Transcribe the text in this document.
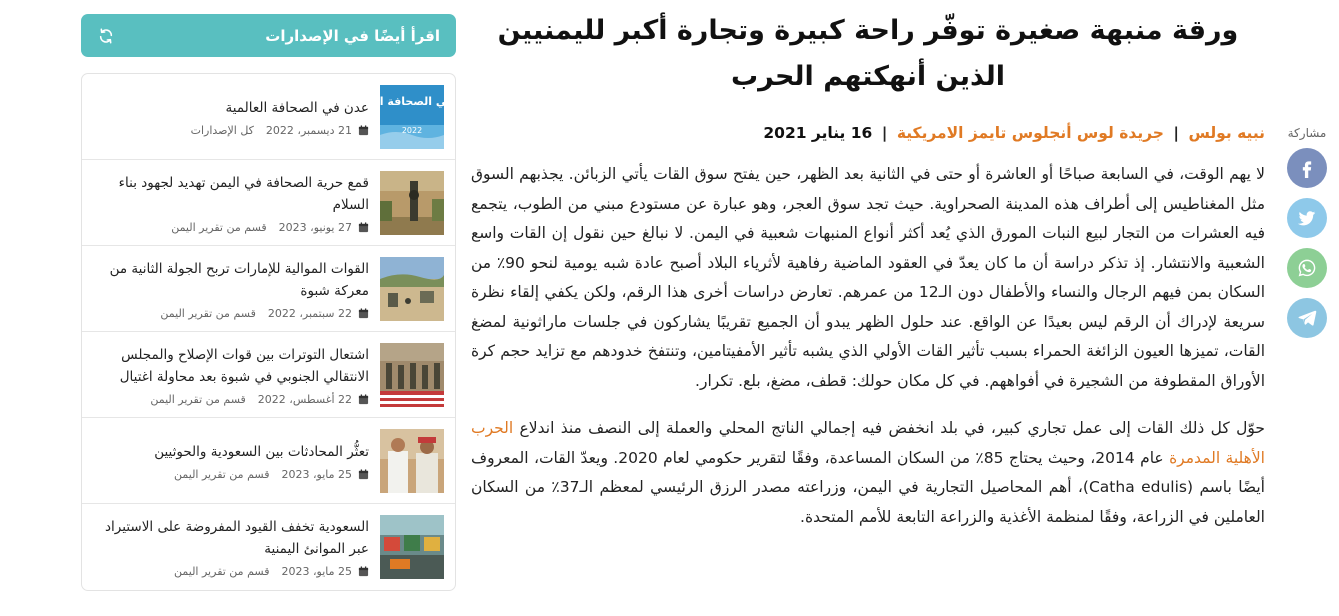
مشاركة
ورقة منبهة صغيرة توفّر راحة كبيرة وتجارة أكبر لليمنيين الذين أنهكتهم الحرب
نبيه بولس | جريدة لوس أنجلوس تايمز الامريكية | 16 يناير 2021

لا يهم الوقت، في السابعة صباحًا أو العاشرة أو حتى في الثانية بعد الظهر، حين يفتح سوق القات يأتي الزبائن. يجذبهم السوق مثل المغناطيس إلى أطراف هذه المدينة الصحراوية. حيث تجد سوق العجر، وهو عبارة عن مستودع مبني من الطوب، يتجمع فيه العشرات من التجار لبيع النبات المورق الذي يُعد أكثر أنواع المنبهات شعبية في اليمن. لا نبالغ حين نقول إن القات واسع الشعبية والانتشار. إذ تذكر دراسة أن ما كان يعدّ في العقود الماضية رفاهية لأثرياء البلاد أصبح عادة شبه يومية لنحو 90٪ من السكان بمن فيهم الرجال والنساء والأطفال دون الـ12 من عمرهم. تعارض دراسات أخرى هذا الرقم، ولكن يكفي إلقاء نظرة سريعة لإدراك أن الرقم ليس بعيدًا عن الواقع. عند حلول الظهر يبدو أن الجميع تقريبًا يشاركون في جلسات ماراثونية لمضغ القات، تميزها العيون الزائغة الحمراء بسبب تأثير القات الأولي الذي يشبه تأثير الأمفيتامين، وتنتفخ خدودهم مع تزايد حجم كرة الأوراق المقطوفة من الشجيرة في أفواههم. في كل مكان حولك: قطف، مضغ، بلع. تكرار.

حوّل كل ذلك القات إلى عمل تجاري كبير، في بلد انخفض فيه إجمالي الناتج المحلي والعملة إلى النصف منذ اندلاع الحرب الأهلية المدمرة عام 2014، وحيث يحتاج 85٪ من السكان المساعدة، وفقًا لتقرير حكومي لعام 2020. ويعدّ القات، المعروف أيضًا باسم (Catha edulis)، أهم المحاصيل التجارية في اليمن، وزراعته مصدر الرزق الرئيسي لمعظم الـ37٪ من السكان العاملين في الزراعة، وفقًا لمنظمة الأغذية والزراعة التابعة للأمم المتحدة.

اقرأ أيضًا في الإصدارات
عدن في الصحافة العالمية
2022
عدن في الصحافة العالمية
21 ديسمبر، 2022
كل الإصدارات
قمع حرية الصحافة في اليمن تهديد لجهود بناء السلام
27 يونيو، 2023
قسم من تقرير اليمن
القوات الموالية للإمارات تربح الجولة الثانية من معركة شبوة
22 سبتمبر، 2022
قسم من تقرير اليمن
اشتعال التوترات بين قوات الإصلاح والمجلس الانتقالي الجنوبي في شبوة بعد محاولة اغتيال
22 أغسطس، 2022
قسم من تقرير اليمن
تعثُّر المحادثات بين السعودية والحوثيين
25 مايو، 2023
قسم من تقرير اليمن
السعودية تخفف القيود المفروضة على الاستيراد عبر الموانئ اليمنية
25 مايو، 2023
قسم من تقرير اليمن
